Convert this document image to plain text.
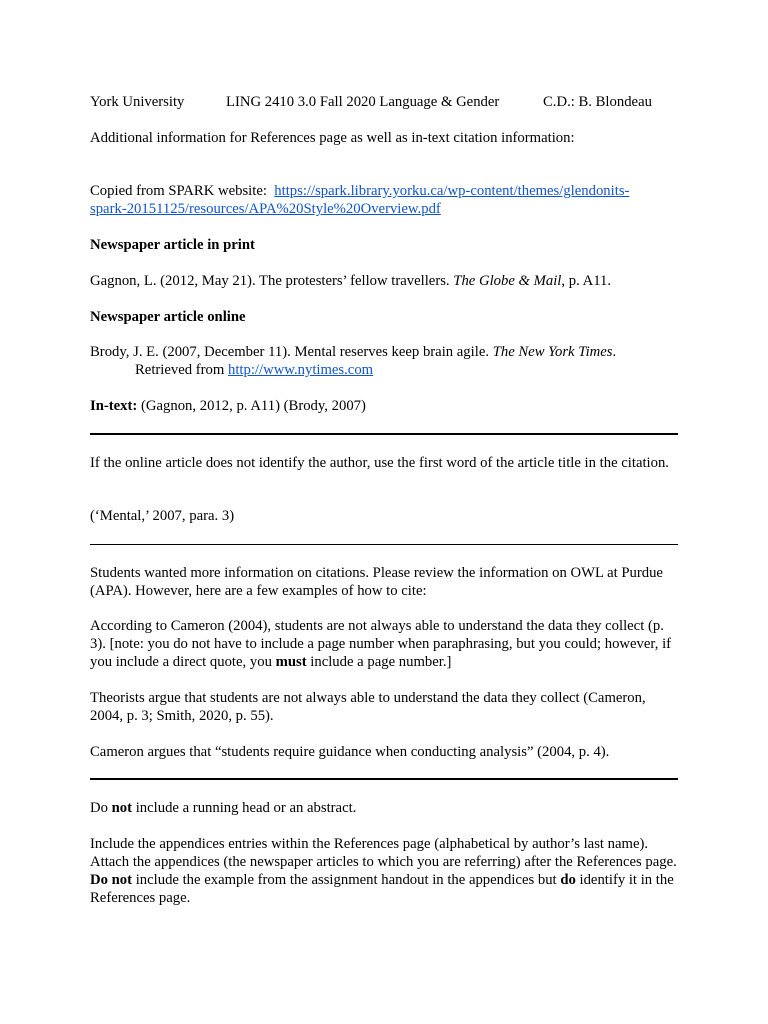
York University	LING 2410 3.0 Fall 2020 Language & Gender	C.D.: B. Blondeau
Additional information for References page as well as in-text citation information:
Copied from SPARK website: https://spark.library.yorku.ca/wp-content/themes/glendonits-
spark-20151125/resources/APA%20Style%20Overview.pdf
Newspaper article in print
Gagnon, L. (2012, May 21). The protesters’ fellow travellers. The Globe & Mail, p. A11.
Newspaper article online
Brody, J. E. (2007, December 11). Mental reserves keep brain agile. The New York Times.
Retrieved from http://www.nytimes.com
In-text: (Gagnon, 2012, p. A11) (Brody, 2007)
If the online article does not identify the author, use the first word of the article title in the citation.
(‘Mental,’ 2007, para. 3)
Students wanted more information on citations. Please review the information on OWL at Purdue (APA). However, here are a few examples of how to cite:
According to Cameron (2004), students are not always able to understand the data they collect (p. 3). [note: you do not have to include a page number when paraphrasing, but you could; however, if you include a direct quote, you must include a page number.]
Theorists argue that students are not always able to understand the data they collect (Cameron, 2004, p. 3; Smith, 2020, p. 55).
Cameron argues that “students require guidance when conducting analysis” (2004, p. 4).
Do not include a running head or an abstract.
Include the appendices entries within the References page (alphabetical by author’s last name). Attach the appendices (the newspaper articles to which you are referring) after the References page. Do not include the example from the assignment handout in the appendices but do identify it in the References page.
